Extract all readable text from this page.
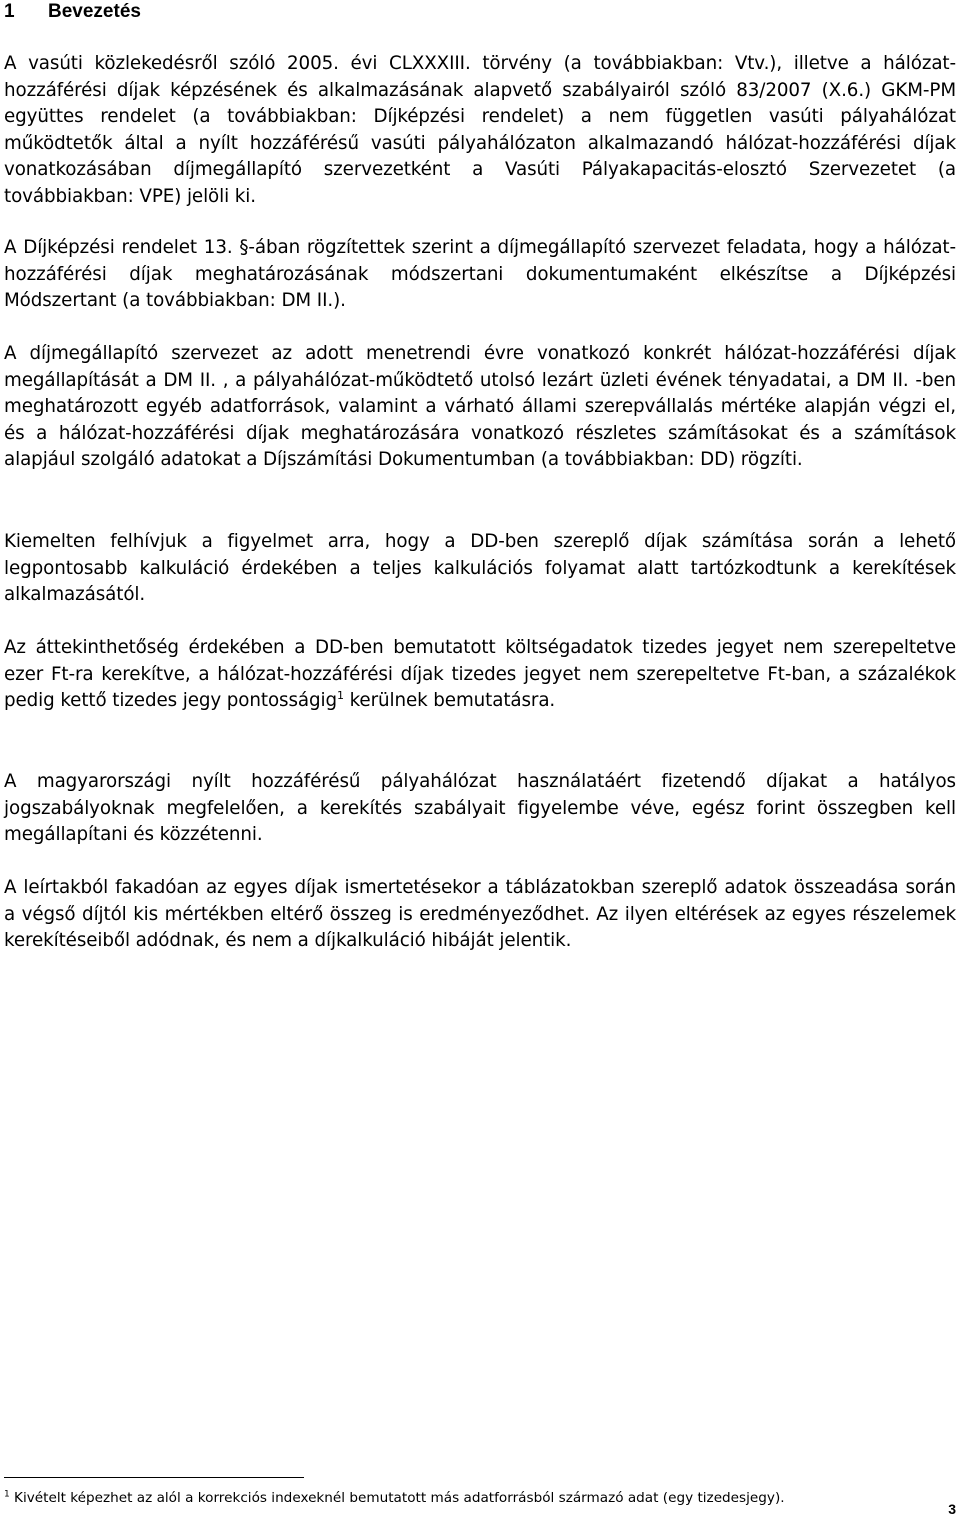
1 Bevezetés

A vasúti közlekedésről szóló 2005. évi CLXXXIII. törvény (a továbbiakban: Vtv.), illetve a hálózat-hozzáférési díjak képzésének és alkalmazásának alapvető szabályairól szóló 83/2007 (X.6.) GKM-PM együttes rendelet (a továbbiakban: Díjképzési rendelet) a nem független vasúti pályahálózat működtetők által a nyílt hozzáférésű vasúti pályahálózaton alkalmazandó hálózat-hozzáférési díjak vonatkozásában díjmegállapító szervezetként a Vasúti Pályakapacitás-elosztó Szervezetet (a továbbiakban: VPE) jelöli ki.

A Díjképzési rendelet 13. §-ában rögzítettek szerint a díjmegállapító szervezet feladata, hogy a hálózat-hozzáférési díjak meghatározásának módszertani dokumentumaként elkészítse a Díjképzési Módszertant (a továbbiakban: DM II.).

A díjmegállapító szervezet az adott menetrendi évre vonatkozó konkrét hálózat-hozzáférési díjak megállapítását a DM II. , a pályahálózat-működtető utolsó lezárt üzleti évének tényadatai, a DM II. -ben meghatározott egyéb adatforrások, valamint a várható állami szerepvállalás mértéke alapján végzi el, és a hálózat-hozzáférési díjak meghatározására vonatkozó részletes számításokat és a számítások alapjául szolgáló adatokat a Díjszámítási Dokumentumban (a továbbiakban: DD) rögzíti.

Kiemelten felhívjuk a figyelmet arra, hogy a DD-ben szereplő díjak számítása során a lehető legpontosabb kalkuláció érdekében a teljes kalkulációs folyamat alatt tartózkodtunk a kerekítések alkalmazásától.

Az áttekinthetőség érdekében a DD-ben bemutatott költségadatok tizedes jegyet nem szerepeltetve ezer Ft-ra kerekítve, a hálózat-hozzáférési díjak tizedes jegyet nem szerepeltetve Ft-ban, a százalékok pedig kettő tizedes jegy pontosságig$^1$ kerülnek bemutatásra.

A magyarországi nyílt hozzáférésű pályahálózat használatáért fizetendő díjakat a hatályos jogszabályoknak megfelelően, a kerekítés szabályait figyelembe véve, egész forint összegben kell megállapítani és közzétenni.

A leírtakból fakadóan az egyes díjak ismertetésekor a táblázatokban szereplő adatok összeadása során a végső díjtól kis mértékben eltérő összeg is eredményeződhet. Az ilyen eltérések az egyes részelemek kerekítéseiből adódnak, és nem a díjkalkuláció hibáját jelentik.

$^1$ Kivételt képezhet az alól a korrekciós indexeknél bemutatott más adatforrásból származó adat (egy tizedesjegy).
3
